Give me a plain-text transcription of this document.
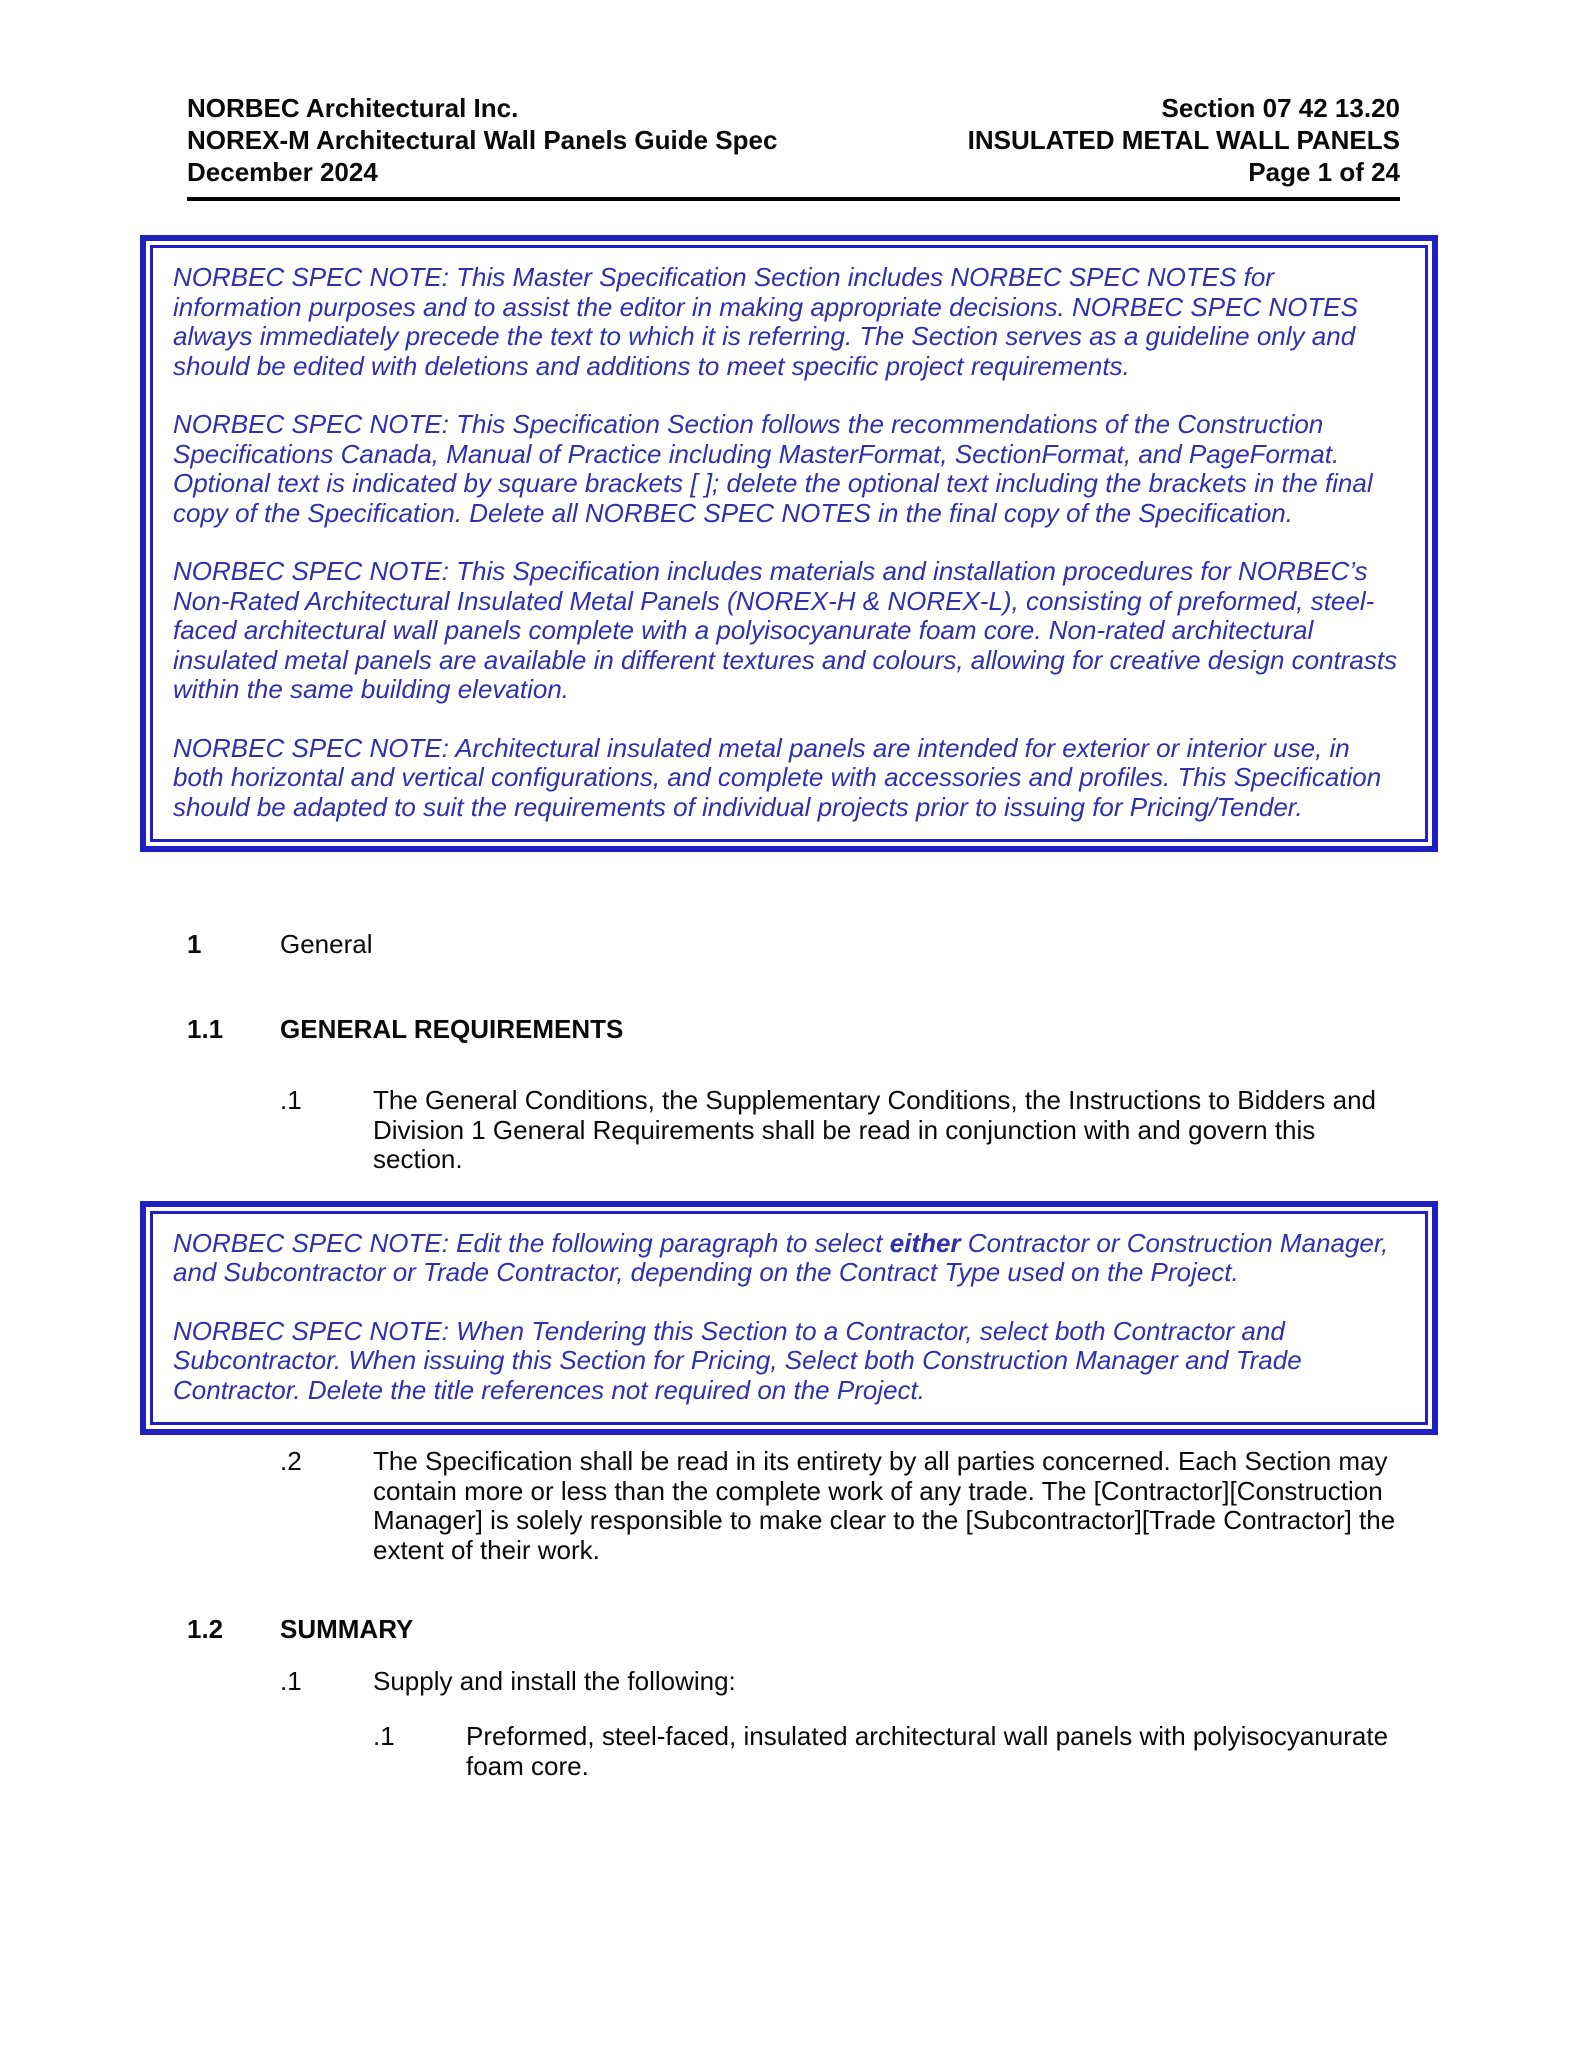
NORBEC Architectural Inc.
NOREX-M Architectural Wall Panels Guide Spec
December 2024
Section 07 42 13.20
INSULATED METAL WALL PANELS
Page 1 of 24

NORBEC SPEC NOTE: This Master Specification Section includes NORBEC SPEC NOTES for information purposes and to assist the editor in making appropriate decisions. NORBEC SPEC NOTES always immediately precede the text to which it is referring. The Section serves as a guideline only and should be edited with deletions and additions to meet specific project requirements.

NORBEC SPEC NOTE: This Specification Section follows the recommendations of the Construction Specifications Canada, Manual of Practice including MasterFormat, SectionFormat, and PageFormat. Optional text is indicated by square brackets [ ]; delete the optional text including the brackets in the final copy of the Specification. Delete all NORBEC SPEC NOTES in the final copy of the Specification.

NORBEC SPEC NOTE: This Specification includes materials and installation procedures for NORBEC’s Non-Rated Architectural Insulated Metal Panels (NOREX-H & NOREX-L), consisting of preformed, steel-faced architectural wall panels complete with a polyisocyanurate foam core. Non-rated architectural insulated metal panels are available in different textures and colours, allowing for creative design contrasts within the same building elevation.

NORBEC SPEC NOTE: Architectural insulated metal panels are intended for exterior or interior use, in both horizontal and vertical configurations, and complete with accessories and profiles. This Specification should be adapted to suit the requirements of individual projects prior to issuing for Pricing/Tender.

1	General
1.1	GENERAL REQUIREMENTS
.1	The General Conditions, the Supplementary Conditions, the Instructions to Bidders and Division 1 General Requirements shall be read in conjunction with and govern this section.

NORBEC SPEC NOTE: Edit the following paragraph to select either Contractor or Construction Manager, and Subcontractor or Trade Contractor, depending on the Contract Type used on the Project.

NORBEC SPEC NOTE: When Tendering this Section to a Contractor, select both Contractor and Subcontractor. When issuing this Section for Pricing, Select both Construction Manager and Trade Contractor. Delete the title references not required on the Project.

.2	The Specification shall be read in its entirety by all parties concerned. Each Section may contain more or less than the complete work of any trade. The [Contractor][Construction Manager] is solely responsible to make clear to the [Subcontractor][Trade Contractor] the extent of their work.
1.2	SUMMARY
.1	Supply and install the following:
.1	Preformed, steel-faced, insulated architectural wall panels with polyisocyanurate foam core.
